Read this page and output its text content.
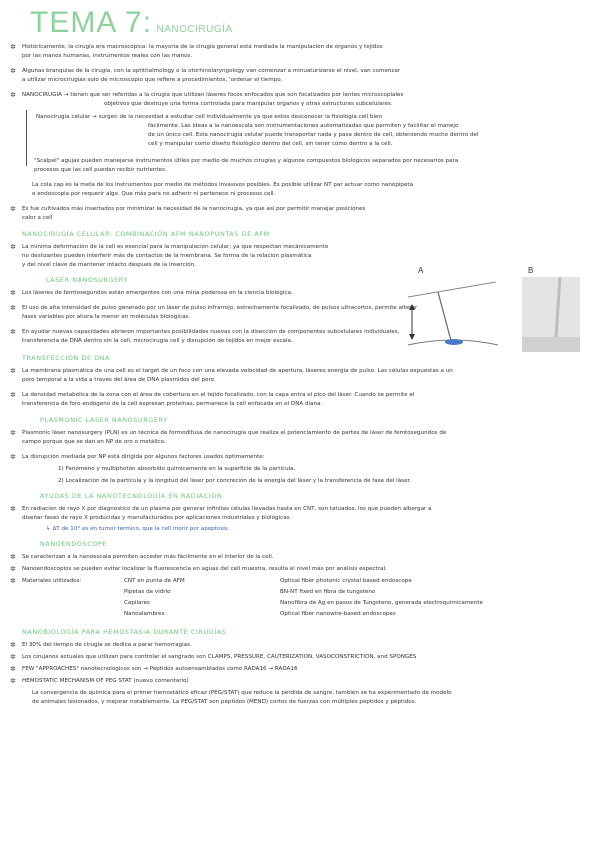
TEMA 7: NANOCIRUGÍA
✲ Históricamente, la cirugía era macroscópica: la mayoría de la cirugía general está mediada la manipulación de órganos y tejidos
por las manos humanas, instrumentos reales con las manos.
✲ Algunas branquias de la cirugía, con la ophthalmology o la otorhinolaryngology van comenzar a minuaturizarse el nivel, van comenzar
a utilizar microcirugías solo de microscopio que refiere a procedimientos, 'ordenar el tiempo.
✲ NANOCIRUGÍA → tienen que ser referidas a la cirugía que utilizan láseres focos enfocados que son focalizados por lentes microscopiales
objetivos que destruye una forma controlada para manipular órganos y otras estructuras subcelulares.
Nanocirugía celular → surgen de la necesidad a estudiar cell individualmente ya que estos desconocer la fisiología cell bien
fácilmente. Las ideas a la nanoescala son instrumentaciones automatizadas que permiten y facilitar el manejo
de un único cell. Esta nanocirugía celular puede transportar nada y pasa dentro de cell, obteniendo mucho dentro del
cell y manipular como diseño fisiológico dentro del cell, sin tener como dentro a la cell.
"Scalpel" agujas pueden manejarse instrumentos útiles por medio de muchos cirugías y algunos compuestos biológicos separados por necesarios para
procesos que las cell puedan recibir nutrientes.
La cola cap es la meta de los instrumentos por medio de métodos invasivos posibles. Es posible utilizar NT par actuar como nanopipeta
o endoscopia por requerir algo. Que más para no adherir ni pertenece ni procesos cell.
✲ Es fue cultivados más insertados por minimizar la necesidad de la nanocirugía, ya que así por permitir manejar posiciones
calor a cell
NANOCIRUGÍA CELULAR: COMBINACIÓN AFM NANOPUNTAS DE AFM
✲ La mínima deformación de la cell es esencial para la manipulación celular, ya que respectan mecánicamente
no deslizantes pueden interferir más de contactos de la membrana. Se forma de la relación plasmática
y del nivel clave de mantener intacto después de la inserción.
A	B
LASER NANOSURGERY
✲ Los láseres de femtosegundos están emergentes con una mina poderosa en la ciencia biológica.
✲ El uso de alta intensidad de pulso generado por un láser de pulso infrarrojo, estrechamente focalizado, de pulsos ultracortos, permite alterar
fases variables por ahora la menor en moléculas biológicas.
✲ En ayudar nuevas capacidades abrieron importantes posibilidades nuevas con la disección de componentes subcelulares individuales,
transferencia de DNA dentro sin la cell, microcirugía cell y disrupción de tejidos en mejor escala.
TRANSFECCIÓN DE DNA
✲ La membrana plasmática de una cell es el target de un foco con una elevada velocidad de apertura, láseres energía de pulso. Las células expuestas a un
poro temporal a la vida a través del área de DNA plasmidos del poro.
✲ La densidad metabólica de la zona con el área de cobertura en el tejido focalizado, con la capa entra el pico del láser. Cuando se permite el
transferencia de foro endógeno de la cell expresan proteínas, permanece la cell enfocada en el DNA diana.
PLASMONIC LASER NANOSURGERY
✲ Plasmonic láser nanosurgery (PLN) es un técnica de formodifusa de nanocirugía que realiza el potenciamiento de partes de láser de femtosegundos de
campo porque que se dan en NP de oro o metálico.
✲ La disrupción mediada por NP está dirigida por algunos factores usados óptimamente:
1) Fenómeno y multiphotón absorbido químicamente en la superficie de la partícula.
2) Localización de la partícula y la longitud del láser por concreción de la energía del láser y la transferencia de fase del láser.
AYUDAS DE LA NANOTECNOLOGÍA EN RADIACIÓN
✲ En radiación de rayo X por diagnóstico de un plasma por generar infinitas células llevadas hasta en CNT, son tatuados, los que pueden albergar a
diseñar fases de rayo X producidas y manufacturados por aplicaciones industriales y biológicas.
↳ ΔT de 10° es en tumor térmico, que la cell morir por apoptosis.
NANOENDOSCOPE
✲ Se caracterizan a la nanoescala permiten acceder más fácilmente en el interior de la cell.
✲ Nanoendoscopios se pueden evitar localizar la fluorescencia en aguas del cell muestra, resulta el nivel más por análisis espectral.
✲ Materiales utilizados:	CNT en punta de AFM
Pipetas de vidrio
Capilares
Nanoalambres
Optical fiber photonic crystal based endoscope
BN-NT fixed en fibra de tungsteno
Nanofibra de Ag en pasos de Tungsteno, generada electroquímicamente
Optical fiber nanowire-based endoscopes
NANOBIOLOGÍA PARA HEMOSTASIA DURANTE CIRUGÍAS
✲ El 30% del tiempo de cirugía se dedica a parar hemorragias.
✲ Los cirujanos actuales que utilizan para controlar el sangrado son CLAMPS, PRESSURE, CAUTERIZATION, VASOCONSTRICTION, and SPONGES
✲ FEW "APPROACHES" nanotecnológicos son → Péptidos autoensamblados como RADA16 → RADA16
✲ HEMOSTATIC MECHANISM OF PEG STAT (nuevo comentario)
La convergencia de química para el primer hemostático eficaz (PEG/STAT) que reduce la pérdida de sangre, también se ha experimentado de modelo
de animales lesionados, y mejorar notablemente. La PEG/STAT son péptidos (MEND) cortos de fuerzas con múltiples péptidos y péptidos.
